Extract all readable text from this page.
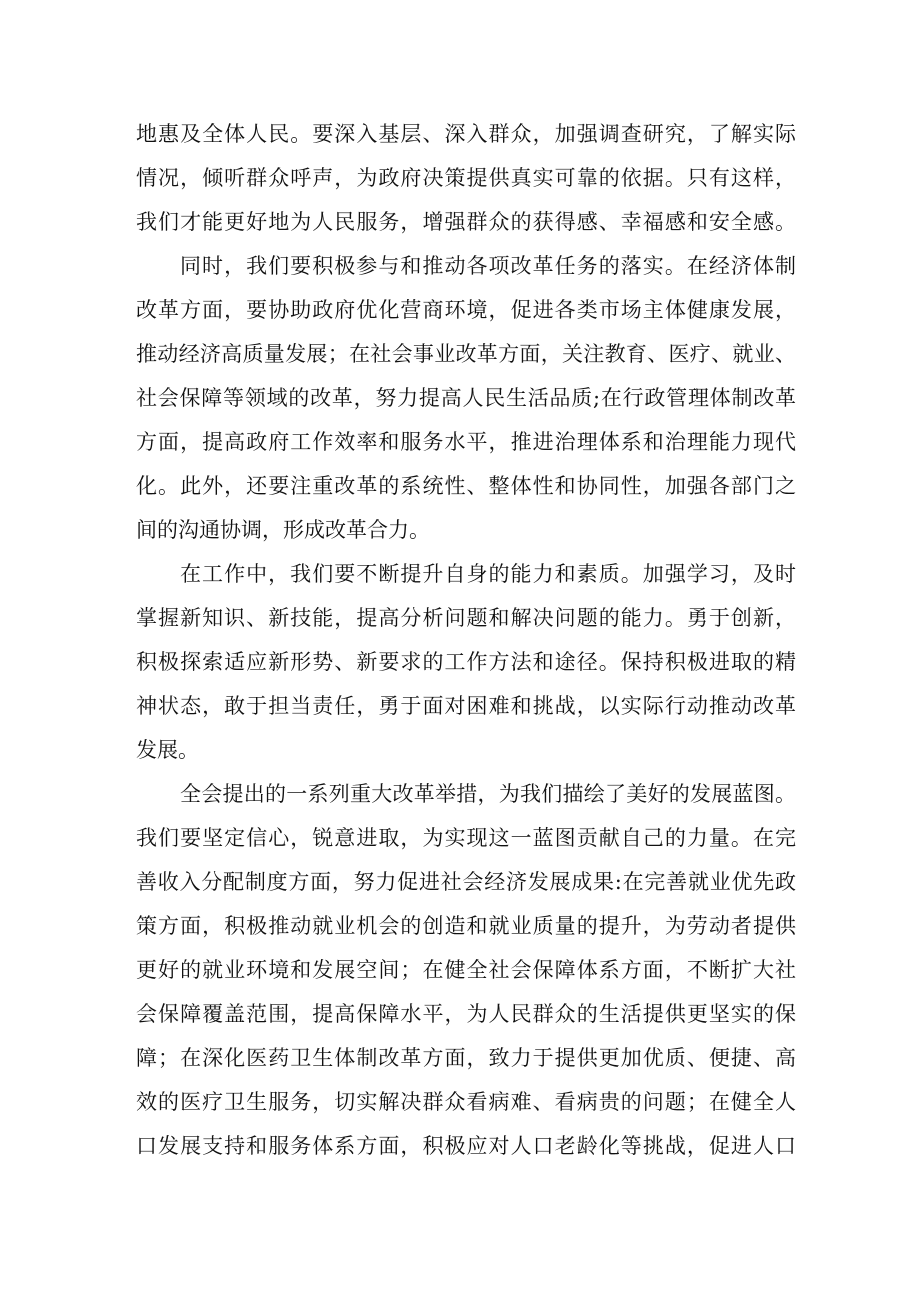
地惠及全体人民。要深入基层、深入群众，加强调查研究，了解实际
情况，倾听群众呼声，为政府决策提供真实可靠的依据。只有这样，
我们才能更好地为人民服务，增强群众的获得感、幸福感和安全感。
同时，我们要积极参与和推动各项改革任务的落实。在经济体制
改革方面，要协助政府优化营商环境，促进各类市场主体健康发展，
推动经济高质量发展；在社会事业改革方面，关注教育、医疗、就业、
社会保障等领域的改革，努力提高人民生活品质;在行政管理体制改革
方面，提高政府工作效率和服务水平，推进治理体系和治理能力现代
化。此外，还要注重改革的系统性、整体性和协同性，加强各部门之
间的沟通协调，形成改革合力。
在工作中，我们要不断提升自身的能力和素质。加强学习，及时
掌握新知识、新技能，提高分析问题和解决问题的能力。勇于创新，
积极探索适应新形势、新要求的工作方法和途径。保持积极进取的精
神状态，敢于担当责任，勇于面对困难和挑战，以实际行动推动改革
发展。
全会提出的一系列重大改革举措，为我们描绘了美好的发展蓝图。
我们要坚定信心，锐意进取，为实现这一蓝图贡献自己的力量。在完
善收入分配制度方面，努力促进社会经济发展成果:在完善就业优先政
策方面，积极推动就业机会的创造和就业质量的提升，为劳动者提供
更好的就业环境和发展空间；在健全社会保障体系方面，不断扩大社
会保障覆盖范围，提高保障水平，为人民群众的生活提供更坚实的保
障；在深化医药卫生体制改革方面，致力于提供更加优质、便捷、高
效的医疗卫生服务，切实解决群众看病难、看病贵的问题；在健全人
口发展支持和服务体系方面，积极应对人口老龄化等挑战，促进人口
